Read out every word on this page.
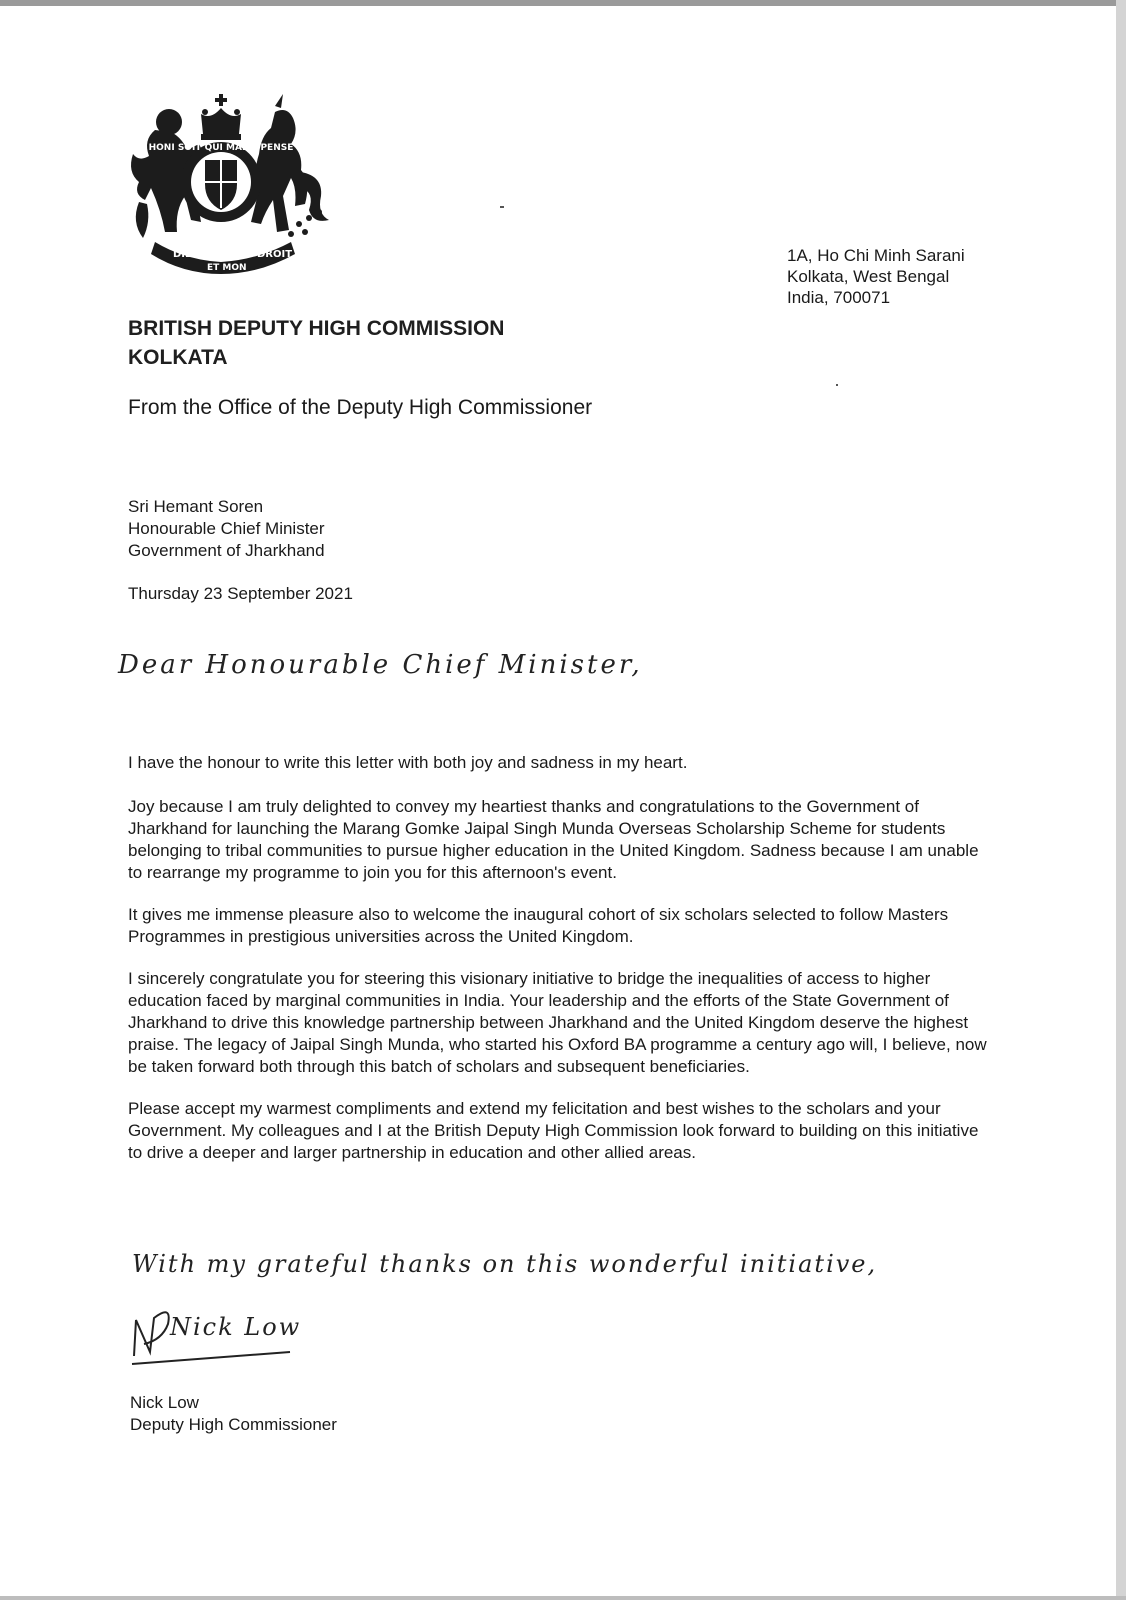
HONI SOIT QUI MAL Y PENSE
DIEU
ET MON
DROIT	1A, Ho Chi Minh Sarani
Kolkata, West Bengal
India, 700071
BRITISH DEPUTY HIGH COMMISSION
KOLKATA
From the Office of the Deputy High Commissioner
Sri Hemant Soren
Honourable Chief Minister
Government of Jharkhand
Thursday 23 September 2021
Dear Honourable Chief Minister,

I have the honour to write this letter with both joy and sadness in my heart.

Joy because I am truly delighted to convey my heartiest thanks and congratulations to the Government of Jharkhand for launching the Marang Gomke Jaipal Singh Munda Overseas Scholarship Scheme for students belonging to tribal communities to pursue higher education in the United Kingdom. Sadness because I am unable to rearrange my programme to join you for this afternoon's event.

It gives me immense pleasure also to welcome the inaugural cohort of six scholars selected to follow Masters Programmes in prestigious universities across the United Kingdom.

I sincerely congratulate you for steering this visionary initiative to bridge the inequalities of access to higher education faced by marginal communities in India. Your leadership and the efforts of the State Government of Jharkhand to drive this knowledge partnership between Jharkhand and the United Kingdom deserve the highest praise. The legacy of Jaipal Singh Munda, who started his Oxford BA programme a century ago will, I believe, now be taken forward both through this batch of scholars and subsequent beneficiaries.

Please accept my warmest compliments and extend my felicitation and best wishes to the scholars and your Government. My colleagues and I at the British Deputy High Commission look forward to building on this initiative to drive a deeper and larger partnership in education and other allied areas.

With my grateful thanks on this wonderful initiative,
Nick Low
Nick Low
Deputy High Commissioner
